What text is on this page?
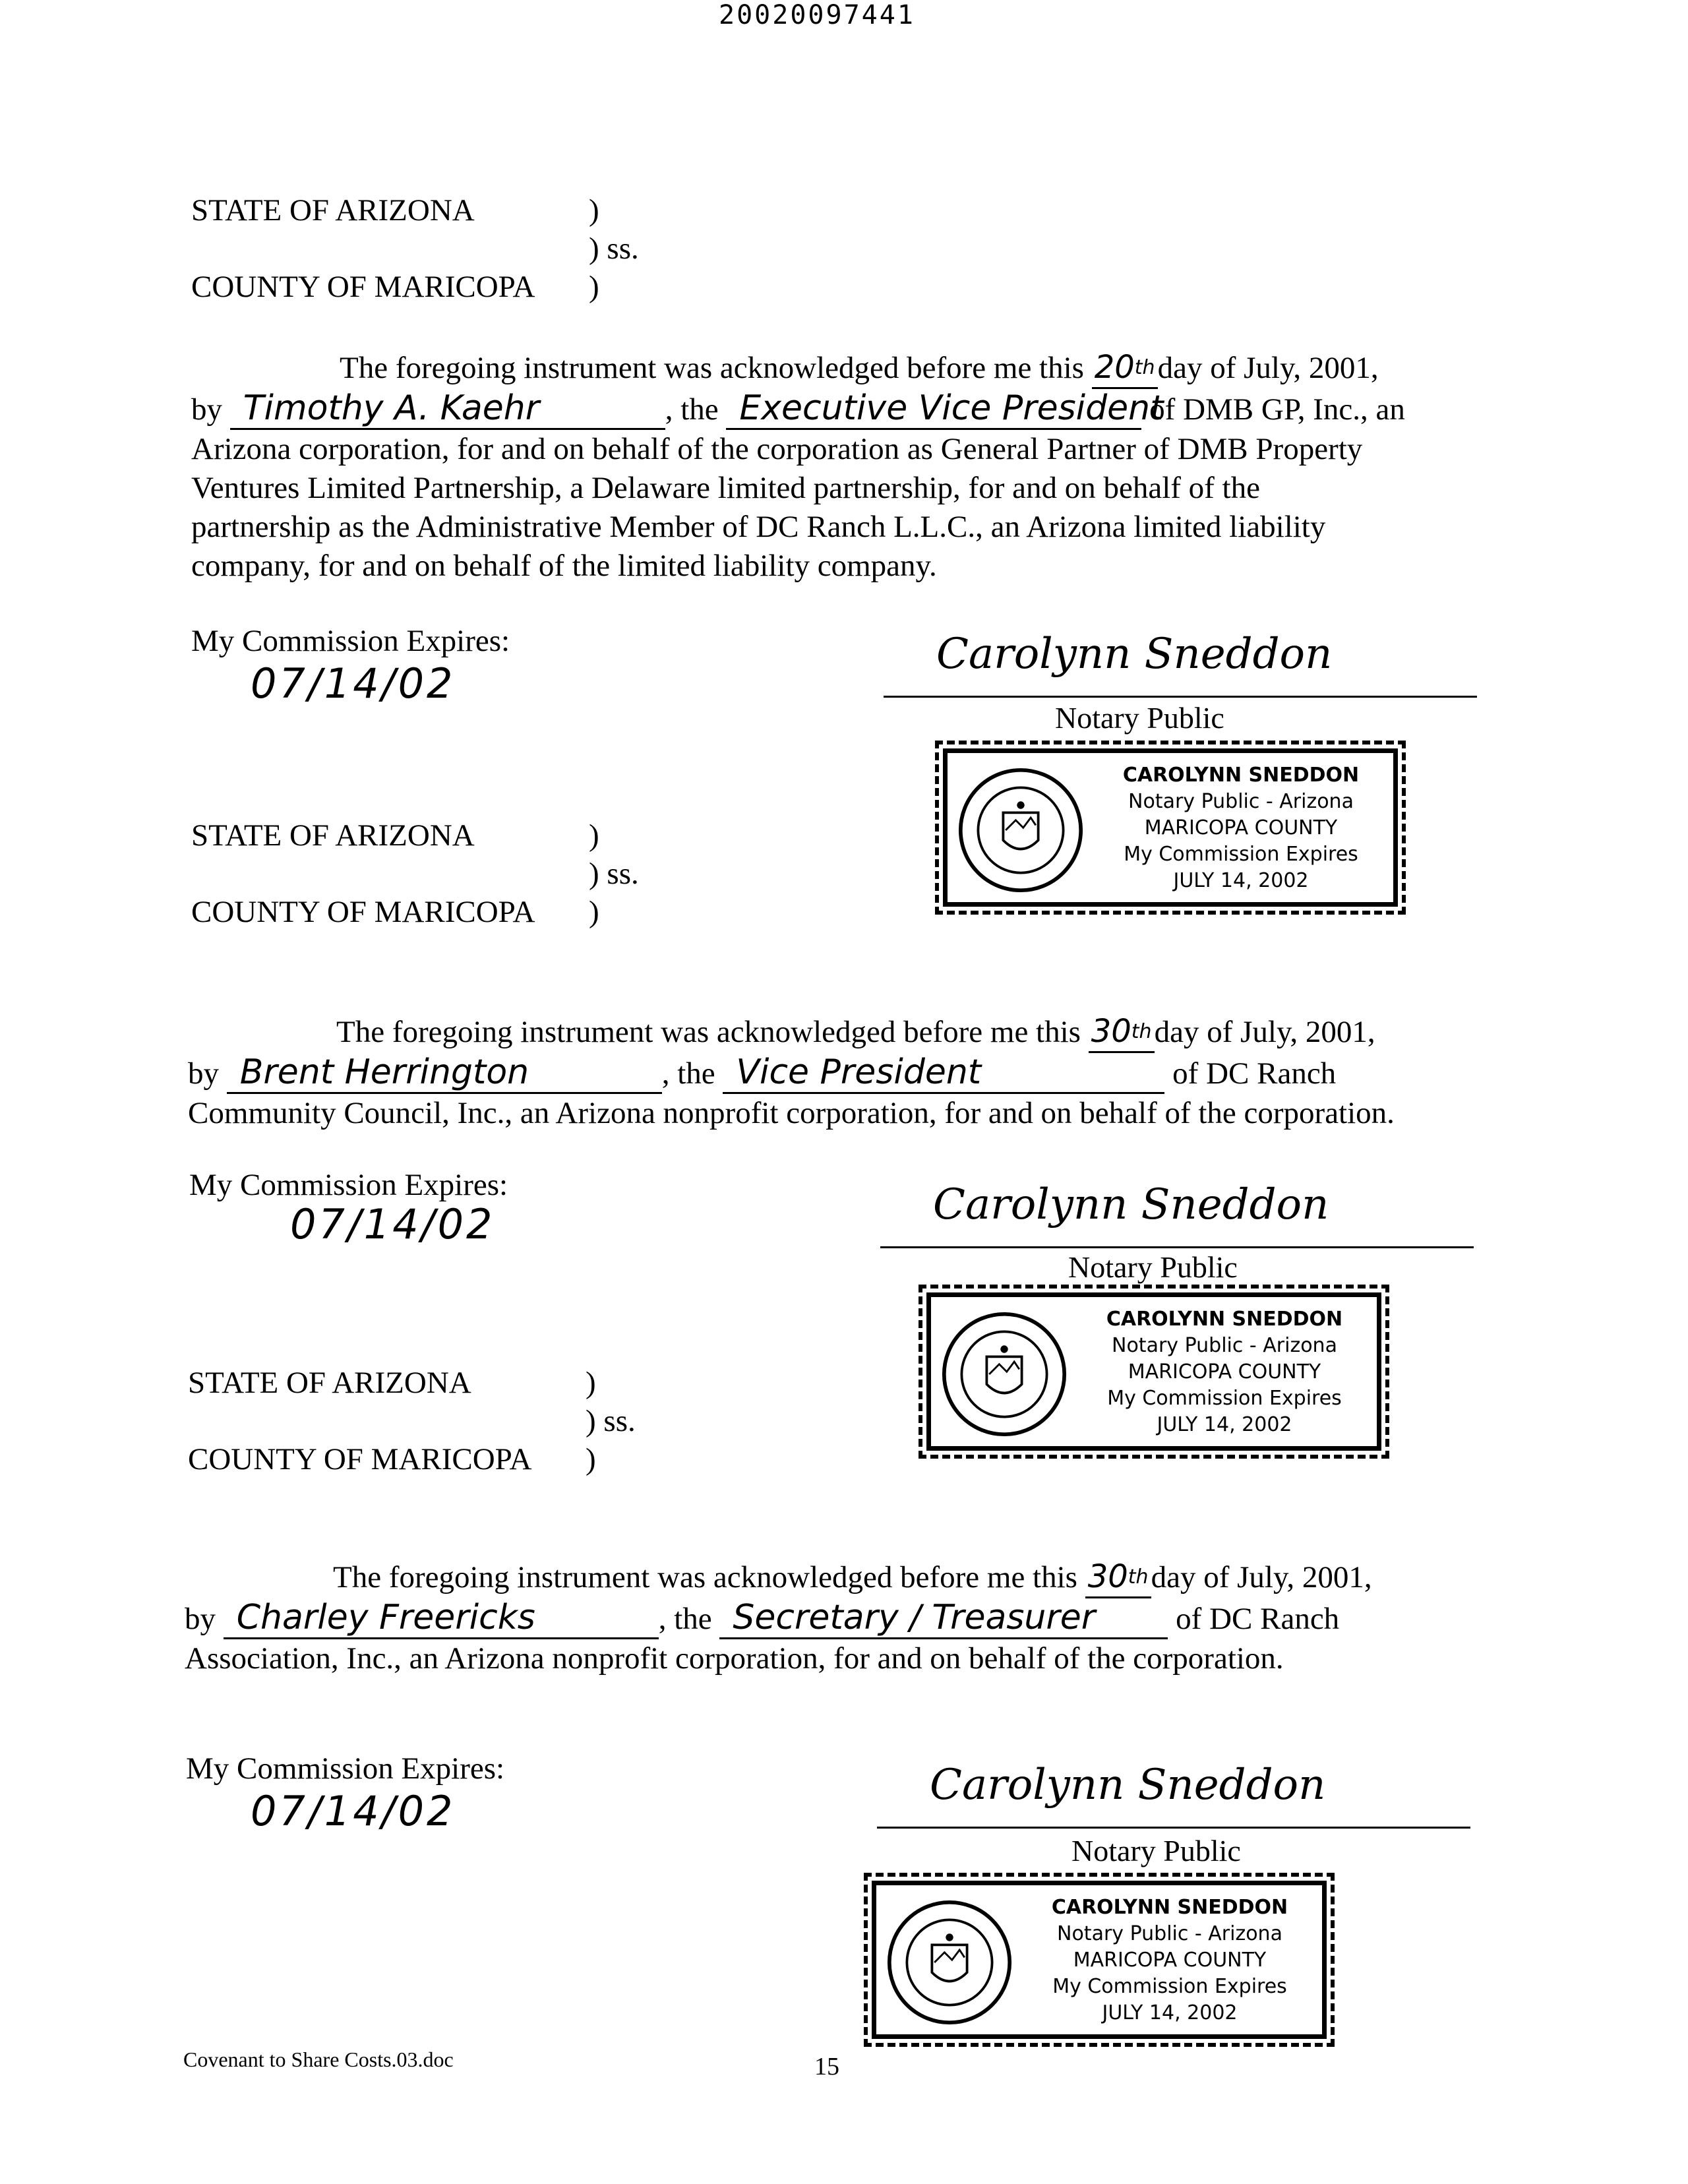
20020097441
STATE OF ARIZONA	)
) ss.
COUNTY OF MARICOPA )
The foregoing instrument was acknowledged before me this 20thday of July, 2001,
by Timothy A. Kaehr	, the Executive Vice President of DMB GP, Inc., an
Arizona corporation, for and on behalf of the corporation as General Partner of DMB Property
Ventures Limited Partnership, a Delaware limited partnership, for and on behalf of the
partnership as the Administrative Member of DC Ranch L.L.C., an Arizona limited liability
company, for and on behalf of the limited liability company.
My Commission Expires:
07/14/02
Carolynn Sneddon
Notary Public
CAROLYNN SNEDDON
Notary Public - Arizona
MARICOPA COUNTY
My Commission Expires
JULY 14, 2002
STATE OF ARIZONA	)
) ss.
COUNTY OF MARICOPA )
The foregoing instrument was acknowledged before me this 30thday of July, 2001,
by Brent Herrington	, the Vice President	of DC Ranch
Community Council, Inc., an Arizona nonprofit corporation, for and on behalf of the corporation.
My Commission Expires:
07/14/02	Carolynn Sneddon
Notary Public
CAROLYNN SNEDDON
Notary Public - Arizona
MARICOPA COUNTY
My Commission Expires
JULY 14, 2002
STATE OF ARIZONA	)
) ss.
COUNTY OF MARICOPA )
The foregoing instrument was acknowledged before me this 30thday of July, 2001,
by Charley Freericks	, the Secretary / Treasurer	of DC Ranch
Association, Inc., an Arizona nonprofit corporation, for and on behalf of the corporation.
My Commission Expires:
07/14/02
Carolynn Sneddon
Notary Public
CAROLYNN SNEDDON
Notary Public - Arizona
MARICOPA COUNTY
My Commission Expires
JULY 14, 2002
Covenant to Share Costs.03.doc	15
